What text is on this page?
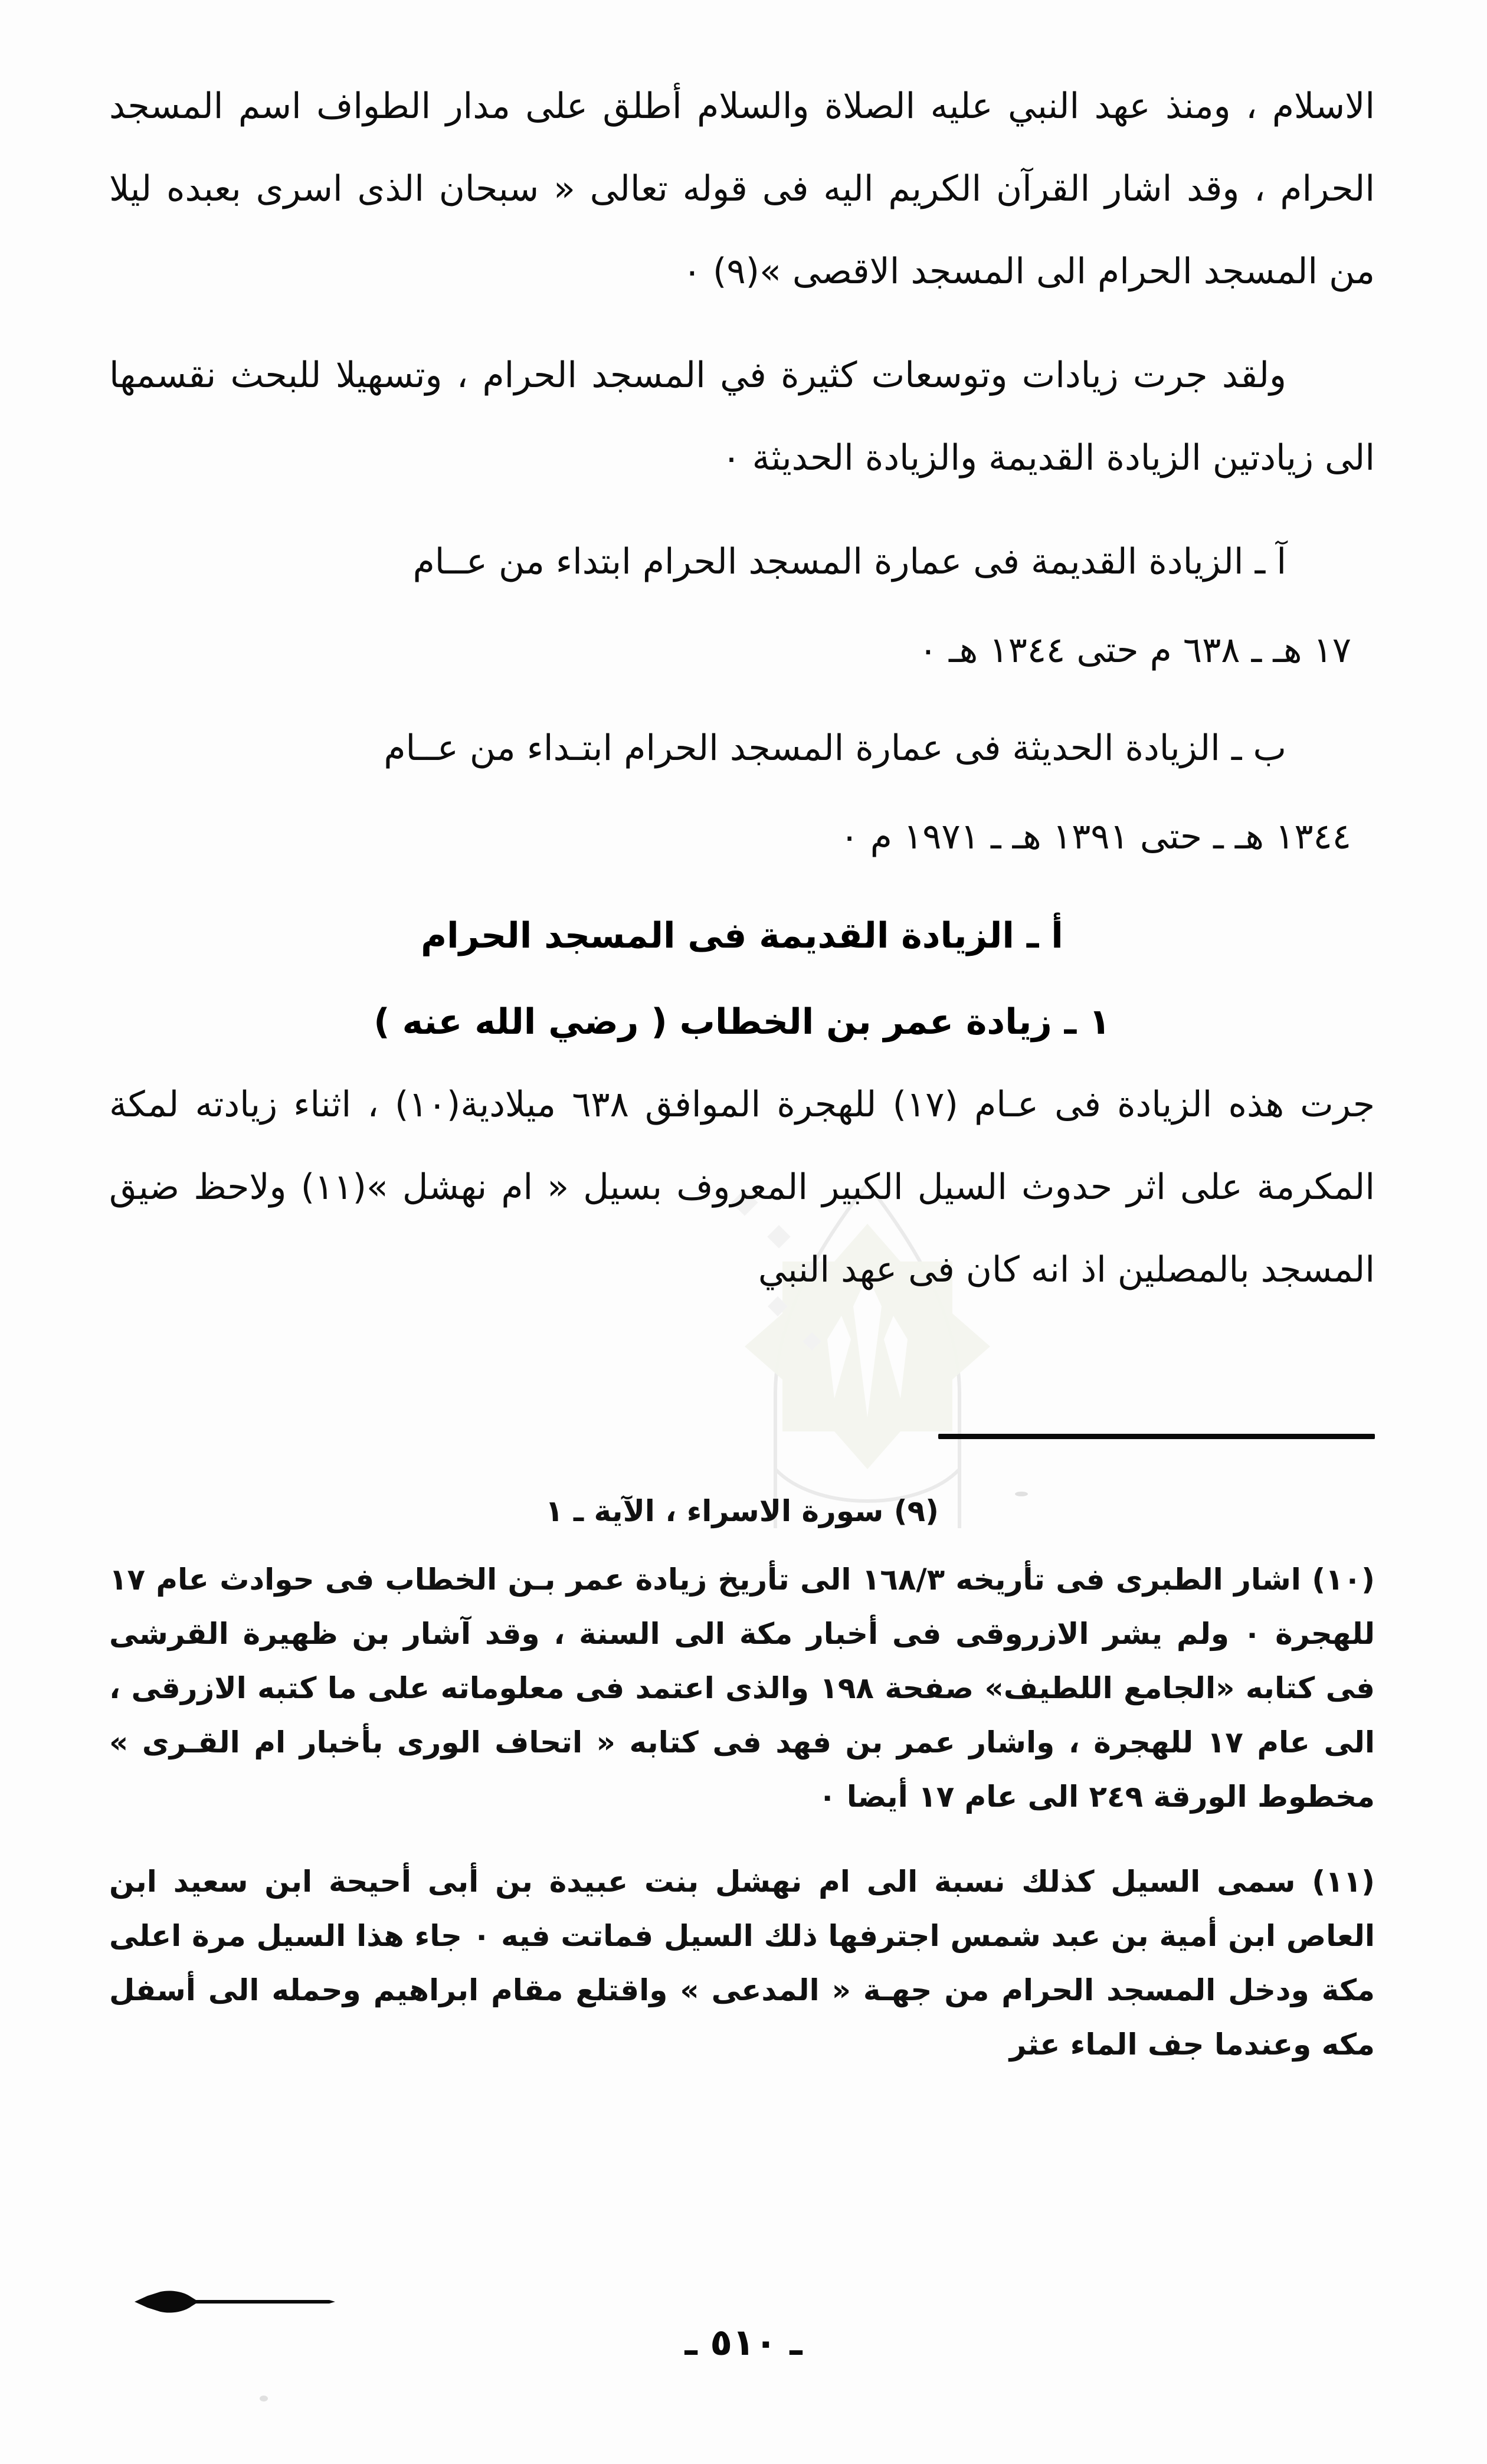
الاسلام ، ومنذ عهد النبي عليه الصلاة والسلام أطلق على مدار الطواف اسم المسجد الحرام ، وقد اشار القرآن الكريم اليه فى قوله تعالى « سبحان الذى اسرى بعبده ليلا من المسجد الحرام الى المسجد الاقصى »(٩) ٠

ولقد جرت زيادات وتوسعات كثيرة في المسجد الحرام ، وتسهيلا للبحث نقسمها الى زيادتين الزيادة القديمة والزيادة الحديثة ٠

آ ـ الزيادة القديمة فى عمارة المسجد الحرام ابتداء من عــام

١٧ هـ ـ ٦٣٨ م حتى ١٣٤٤ هـ ٠

ب ـ الزيادة الحديثة فى عمارة المسجد الحرام ابتـداء من عــام

١٣٤٤ هـ ـ حتى ١٣٩١ هـ ـ ١٩٧١ م ٠
أ ـ الزيادة القديمة فى المسجد الحرام
١ ـ زيادة عمر بن الخطاب ( رضي الله عنه )

جرت هذه الزيادة فى عـام (١٧) للهجرة الموافق ٦٣٨ ميلادية(١٠) ، اثناء زيادته لمكة المكرمة على اثر حدوث السيل الكبير المعروف بسيل « ام نهشل »(١١) ولاحظ ضيق المسجد بالمصلين اذ انه كان فى عهد النبي

(٩) سورة الاسراء ، الآية ـ ١

(١٠) اشار الطبرى فى تأريخه ١٦٨/٣ الى تأريخ زيادة عمر بـن الخطاب فى حوادث عام ١٧ للهجرة ٠ ولم يشر الازروقى فى أخبار مكة الى السنة ، وقد آشار بن ظهيرة القرشى فى كتابه «الجامع اللطيف» صفحة ١٩٨ والذى اعتمد فى معلوماته على ما كتبه الازرقى ، الى عام ١٧ للهجرة ، واشار عمر بن فهد فى كتابه « اتحاف الورى بأخبار ام القـرى » مخطوط الورقة ٢٤٩ الى عام ١٧ أيضا ٠

(١١) سمى السيل كذلك نسبة الى ام نهشل بنت عبيدة بن أبى أحيحة ابن سعيد ابن العاص ابن أمية بن عبد شمس اجترفها ذلك السيل فماتت فيه ٠ جاء هذا السيل مرة اعلى مكة ودخل المسجد الحرام من جهـة « المدعى » واقتلع مقام ابراهيم وحمله الى أسفل مكه وعندما جف الماء عثر

ـ ٥١٠ ـ
